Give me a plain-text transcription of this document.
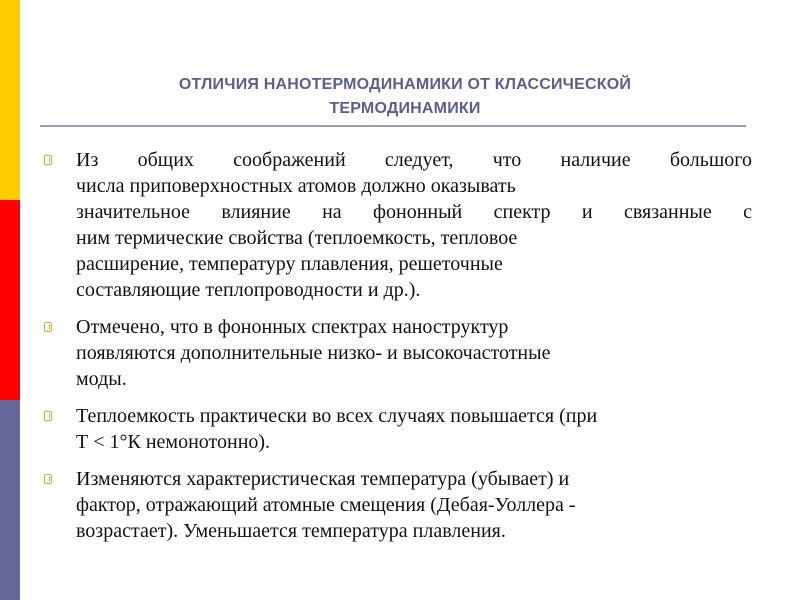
ОТЛИЧИЯ НАНОТЕРМОДИНАМИКИ ОТ КЛАССИЧЕСКОЙ
ТЕРМОДИНАМИКИ
Из общих соображений следует, что наличие большого
числа приповерхностных атомов должно оказывать
значительное влияние на фононный спектр и связанные с
ним термические свойства (теплоемкость, тепловое
расширение, температуру плавления, решеточные
составляющие теплопроводности и др.).
Отмечено, что в фононных спектрах наноструктур
появляются дополнительные низко- и высокочастотные
моды.
Теплоемкость практически во всех случаях повышается (при
Т < 1°К немонотонно).
Изменяются характеристическая температура (убывает) и
фактор, отражающий атомные смещения (Дебая-Уоллера -
возрастает). Уменьшается температура плавления.
